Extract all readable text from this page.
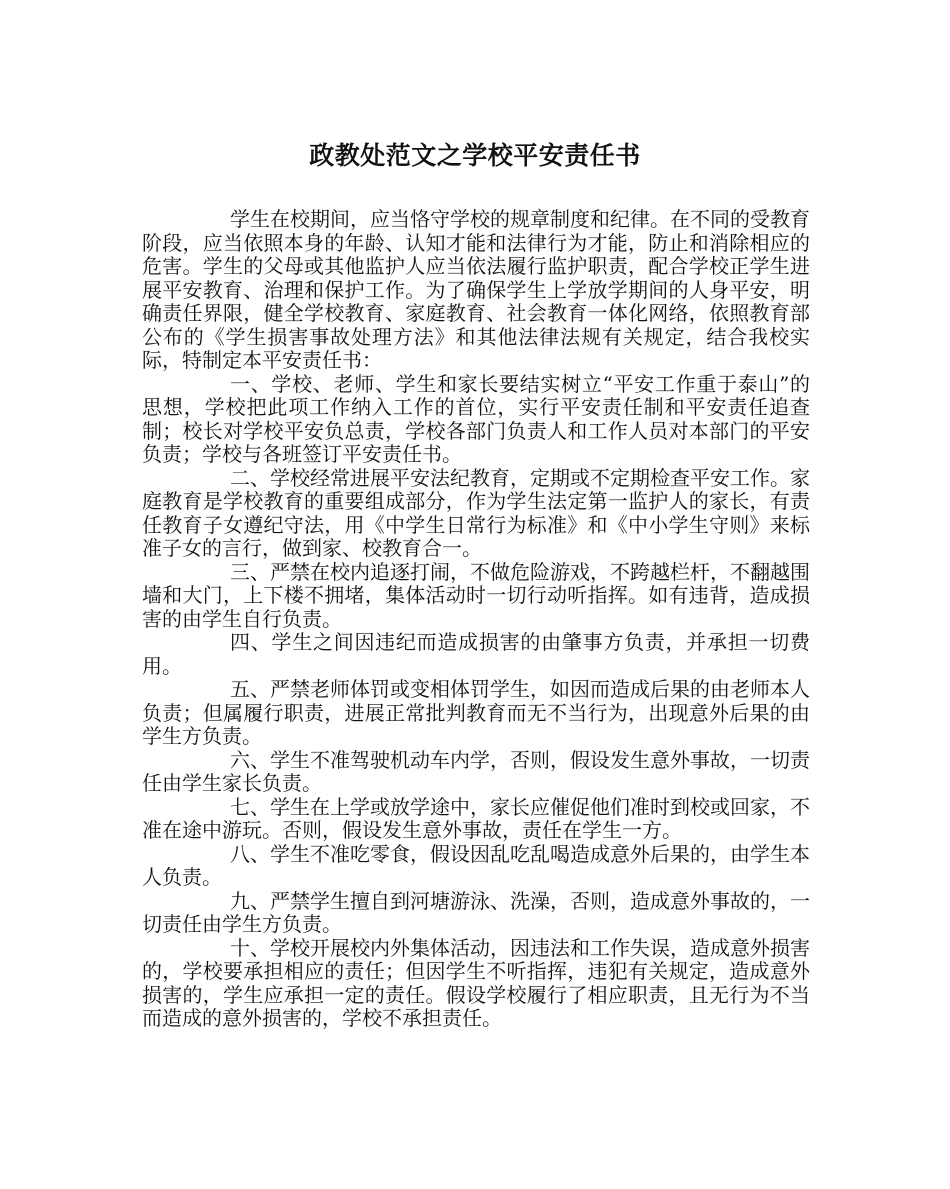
政教处范文之学校平安责任书

学生在校期间，应当恪守学校的规章制度和纪律。在不同的受教育阶段，应当依照本身的年龄、认知才能和法律行为才能，防止和消除相应的危害。学生的父母或其他监护人应当依法履行监护职责，配合学校正学生进展平安教育、治理和保护工作。为了确保学生上学放学期间的人身平安，明确责任界限，健全学校教育、家庭教育、社会教育一体化网络，依照教育部公布的《学生损害事故处理方法》和其他法律法规有关规定，结合我校实际，特制定本平安责任书：

一、学校、老师、学生和家长要结实树立“平安工作重于泰山”的思想，学校把此项工作纳入工作的首位，实行平安责任制和平安责任追查制；校长对学校平安负总责，学校各部门负责人和工作人员对本部门的平安负责；学校与各班签订平安责任书。

二、学校经常进展平安法纪教育，定期或不定期检查平安工作。家庭教育是学校教育的重要组成部分，作为学生法定第一监护人的家长，有责任教育子女遵纪守法，用《中学生日常行为标准》和《中小学生守则》来标准子女的言行，做到家、校教育合一。

三、严禁在校内追逐打闹，不做危险游戏，不跨越栏杆，不翻越围墙和大门，上下楼不拥堵，集体活动时一切行动听指挥。如有违背，造成损害的由学生自行负责。

四、学生之间因违纪而造成损害的由肇事方负责，并承担一切费用。

五、严禁老师体罚或变相体罚学生，如因而造成后果的由老师本人负责；但属履行职责，进展正常批判教育而无不当行为，出现意外后果的由学生方负责。

六、学生不准驾驶机动车内学，否则，假设发生意外事故，一切责任由学生家长负责。

七、学生在上学或放学途中，家长应催促他们准时到校或回家，不准在途中游玩。否则，假设发生意外事故，责任在学生一方。

八、学生不准吃零食，假设因乱吃乱喝造成意外后果的，由学生本人负责。

九、严禁学生擅自到河塘游泳、洗澡，否则，造成意外事故的，一切责任由学生方负责。

十、学校开展校内外集体活动，因违法和工作失误，造成意外损害的，学校要承担相应的责任；但因学生不听指挥，违犯有关规定，造成意外损害的，学生应承担一定的责任。假设学校履行了相应职责，且无行为不当而造成的意外损害的，学校不承担责任。
